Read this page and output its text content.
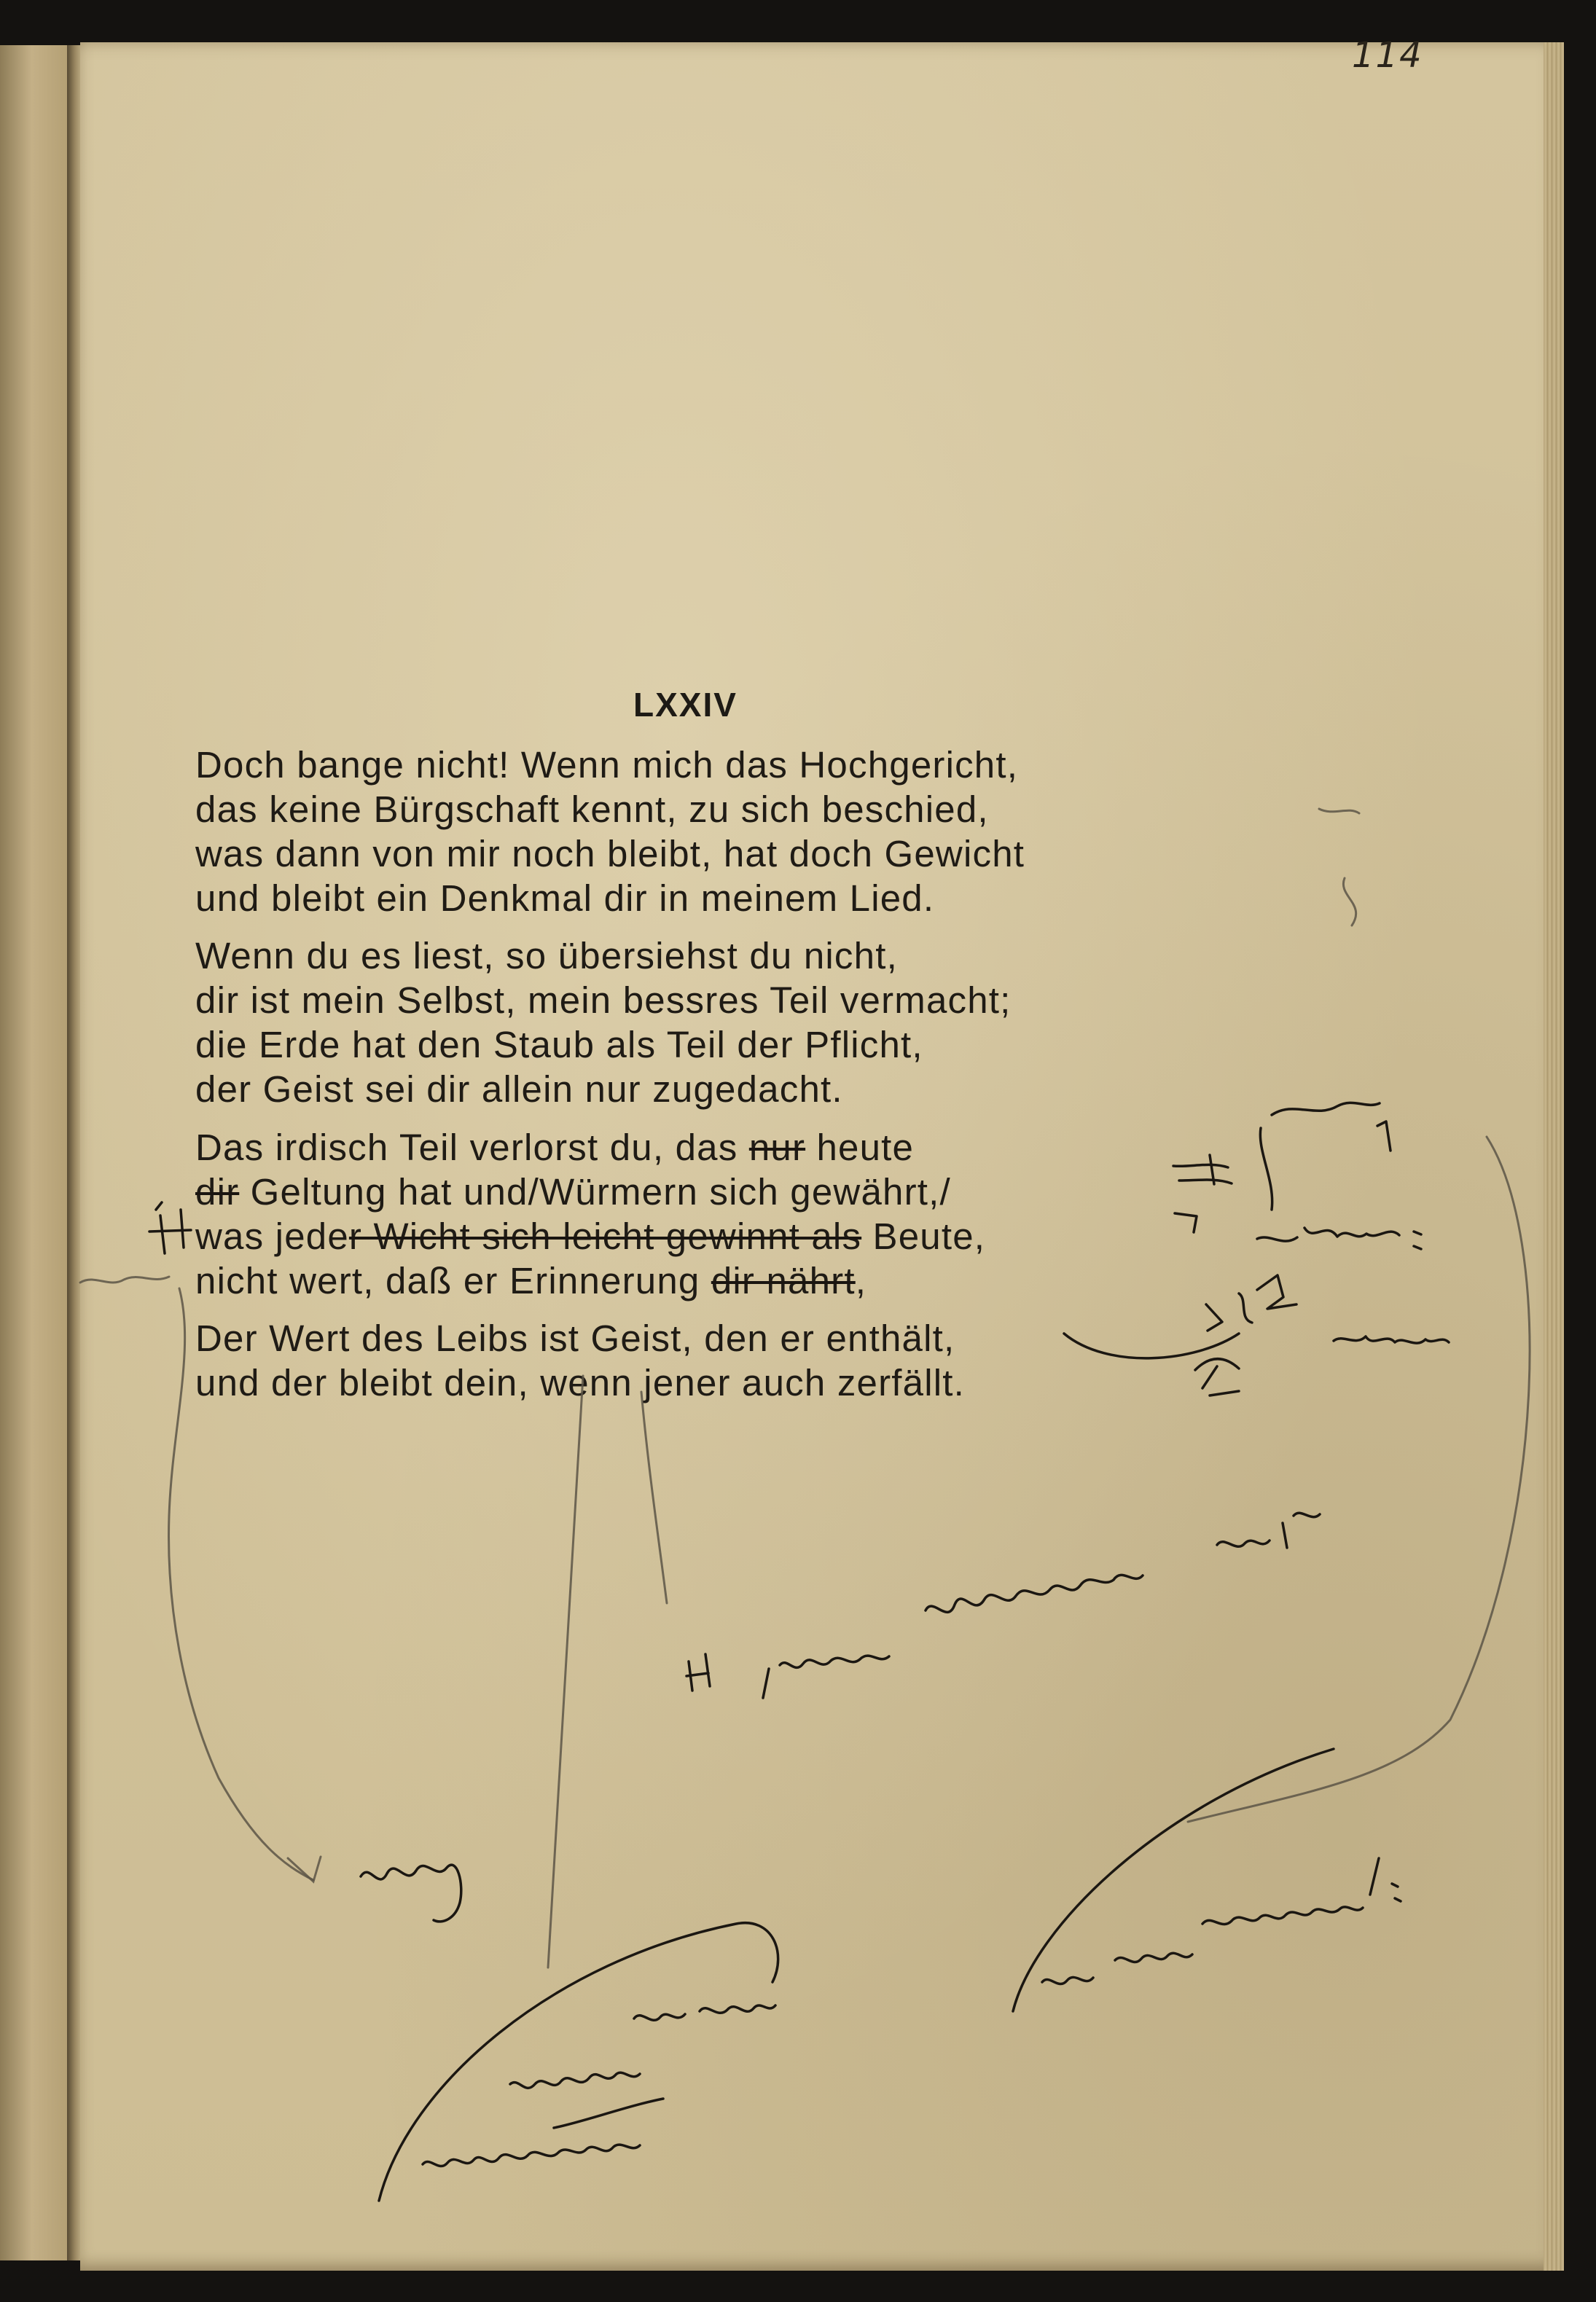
114
LXXIV
Doch bange nicht! Wenn mich das Hochgericht,
das keine Bürgschaft kennt, zu sich beschied,
was dann von mir noch bleibt, hat doch Gewicht
und bleibt ein Denkmal dir in meinem Lied.
Wenn du es liest, so übersiehst du nicht,
dir ist mein Selbst, mein bessres Teil vermacht;
die Erde hat den Staub als Teil der Pflicht,
der Geist sei dir allein nur zugedacht.
Das irdisch Teil verlorst du, das nur heute
dir Geltung hat und/Würmern sich gewährt,/
was jeder Wicht sich leicht gewinnt als Beute,
nicht wert, daß er Erinnerung dir nährt,
Der Wert des Leibs ist Geist, den er enthält,
und der bleibt dein, wenn jener auch zerfällt.
